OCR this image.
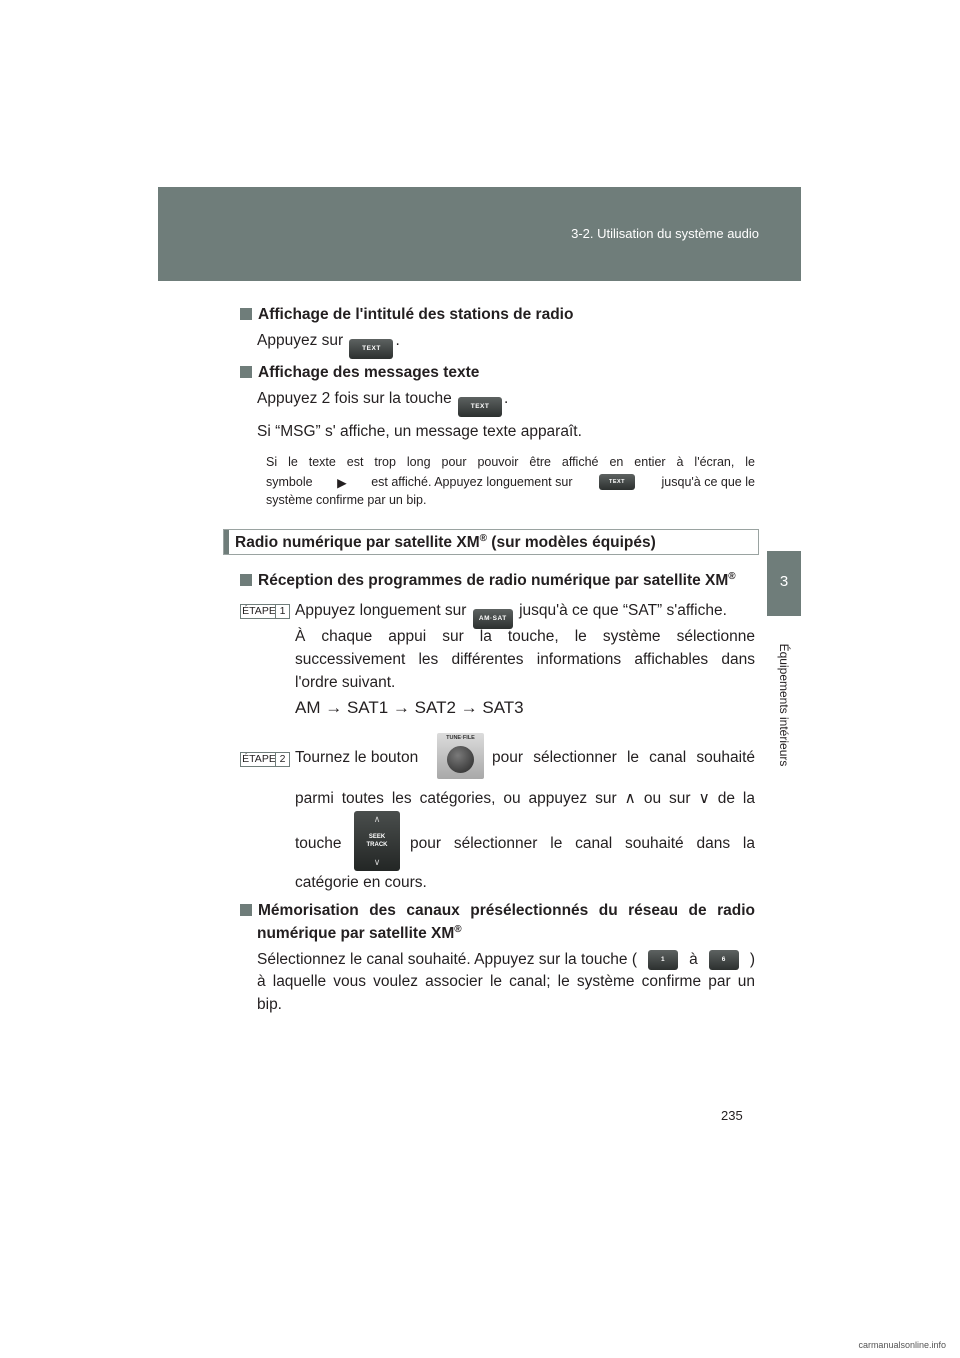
3-2. Utilisation du système audio
3
Équipements intérieurs
Affichage de l'intitulé des stations de radio
Appuyez sur	TEXT .
Affichage des messages texte
Appuyez 2 fois sur la touche	TEXT .
Si “MSG” s' affiche, un message texte apparaît.
Si le texte est trop long pour pouvoir être affiché en entier à l'écran, le
symbole ▶ est affiché. Appuyez longuement sur	TEXT	jusqu'à ce que le
système confirme par un bip.
Radio numérique par satellite XM® (sur modèles équipés)
Réception des programmes de radio numérique par satellite XM®
ÉTAPE 1 Appuyez longuement sur AM·SAT jusqu'à ce que “SAT” s'affiche.
À chaque appui sur la touche, le système sélectionne
successivement les différentes informations affichables dans
l'ordre suivant.
AM → SAT1 → SAT2 → SAT3
ÉTAPE 2 Tournez le bouton
TUNE·FILE
pour sélectionner le canal souhaité
parmi toutes les catégories, ou appuyez sur ∧ ou sur ∨ de la
touche
∧
SEEK
TRACK
∨
pour sélectionner le canal souhaité dans la
catégorie en cours.
Mémorisation des canaux présélectionnés du réseau de radio
numérique par satellite XM®
Sélectionnez le canal souhaité. Appuyez sur la touche (	1	à	6	)
à laquelle vous voulez associer le canal; le système confirme par un
bip.
235
carmanualsonline.info
